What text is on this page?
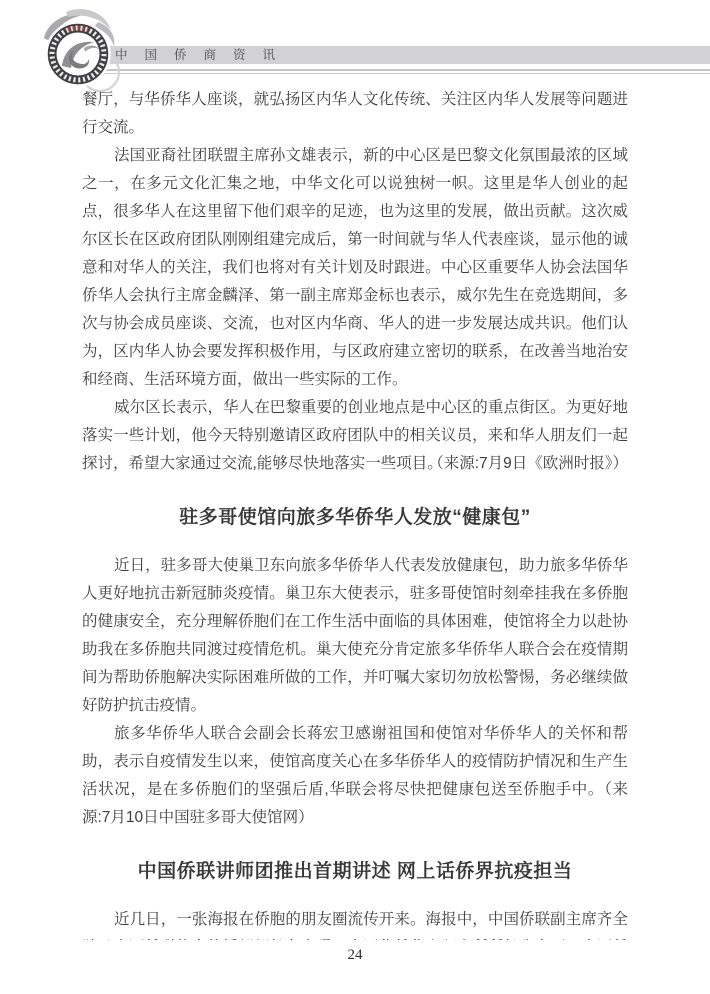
中国侨商资讯

餐厅，与华侨华人座谈，就弘扬区内华人文化传统、关注区内华人发展等问题进行交流。

法国亚裔社团联盟主席孙文雄表示，新的中心区是巴黎文化氛围最浓的区域之一，在多元文化汇集之地，中华文化可以说独树一帜。这里是华人创业的起点，很多华人在这里留下他们艰辛的足迹，也为这里的发展，做出贡献。这次威尔区长在区政府团队刚刚组建完成后，第一时间就与华人代表座谈，显示他的诚意和对华人的关注，我们也将对有关计划及时跟进。中心区重要华人协会法国华侨华人会执行主席金麟泽、第一副主席郑金标也表示，威尔先生在竞选期间，多次与协会成员座谈、交流，也对区内华商、华人的进一步发展达成共识。他们认为，区内华人协会要发挥积极作用，与区政府建立密切的联系，在改善当地治安和经商、生活环境方面，做出一些实际的工作。

威尔区长表示，华人在巴黎重要的创业地点是中心区的重点街区。为更好地落实一些计划，他今天特别邀请区政府团队中的相关议员，来和华人朋友们一起探讨，希望大家通过交流,能够尽快地落实一些项目。
（来源:7月9日《欧洲时报》）

驻多哥使馆向旅多华侨华人发放“健康包”

近日，驻多哥大使巢卫东向旅多华侨华人代表发放健康包，助力旅多华侨华人更好地抗击新冠肺炎疫情。巢卫东大使表示，驻多哥使馆时刻牵挂我在多侨胞的健康安全，充分理解侨胞们在工作生活中面临的具体困难，使馆将全力以赴协助我在多侨胞共同渡过疫情危机。巢大使充分肯定旅多华侨华人联合会在疫情期间为帮助侨胞解决实际困难所做的工作，并叮嘱大家切勿放松警惕，务必继续做好防护抗击疫情。

旅多华侨华人联合会副会长蒋宏卫感谢祖国和使馆对华侨华人的关怀和帮助，表示自疫情发生以来，使馆高度关心在多华侨华人的疫情防护情况和生产生活状况，是在多侨胞们的坚强后盾,华联会将尽快把健康包送至侨胞手中。（来源:7月10日中国驻多哥大使馆网）

中国侨联讲师团推出首期讲述 网上话侨界抗疫担当

近几日，一张海报在侨胞的朋友圈流传开来。海报中，中国侨联副主席齐全

24
